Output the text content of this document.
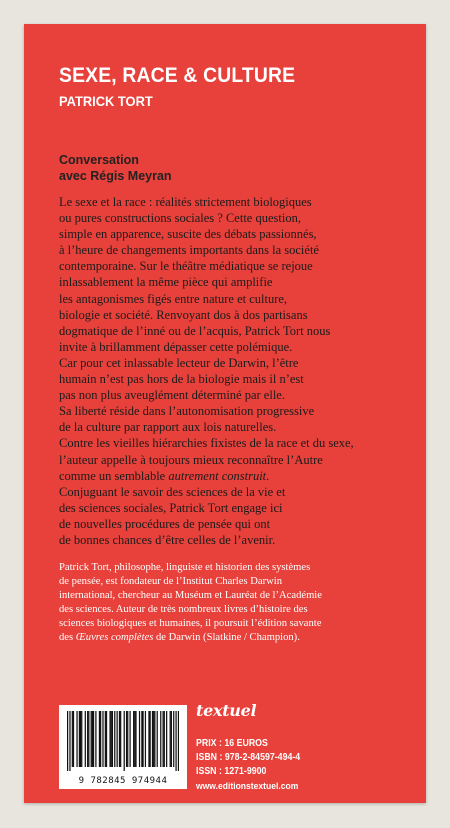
SEXE, RACE & CULTURE
PATRICK TORT
Conversation
avec Régis Meyran
Le sexe et la race : réalités strictement biologiques
ou pures constructions sociales ? Cette question,
simple en apparence, suscite des débats passionnés,
à l’heure de changements importants dans la société
contemporaine. Sur le théâtre médiatique se rejoue
inlassablement la même pièce qui amplifie
les antagonismes figés entre nature et culture,
biologie et société. Renvoyant dos à dos partisans
dogmatique de l’inné ou de l’acquis, Patrick Tort nous
invite à brillamment dépasser cette polémique.
Car pour cet inlassable lecteur de Darwin, l’être
humain n’est pas hors de la biologie mais il n’est
pas non plus aveuglément déterminé par elle.
Sa liberté réside dans l’autonomisation progressive
de la culture par rapport aux lois naturelles.
Contre les vieilles hiérarchies fixistes de la race et du sexe,
l’auteur appelle à toujours mieux reconnaître l’Autre
comme un semblable autrement construit.
Conjuguant le savoir des sciences de la vie et
des sciences sociales, Patrick Tort engage ici
de nouvelles procédures de pensée qui ont
de bonnes chances d’être celles de l’avenir.
Patrick Tort, philosophe, linguiste et historien des systèmes
de pensée, est fondateur de l’Institut Charles Darwin
international, chercheur au Muséum et Lauréat de l’Académie
des sciences. Auteur de très nombreux livres d’histoire des
sciences biologiques et humaines, il poursuit l’édition savante
des Œuvres complètes de Darwin (Slatkine / Champion).
9 782845 974944
textuel
PRIX : 16 EUROS
ISBN : 978-2-84597-494-4
ISSN : 1271-9900
www.editionstextuel.com
